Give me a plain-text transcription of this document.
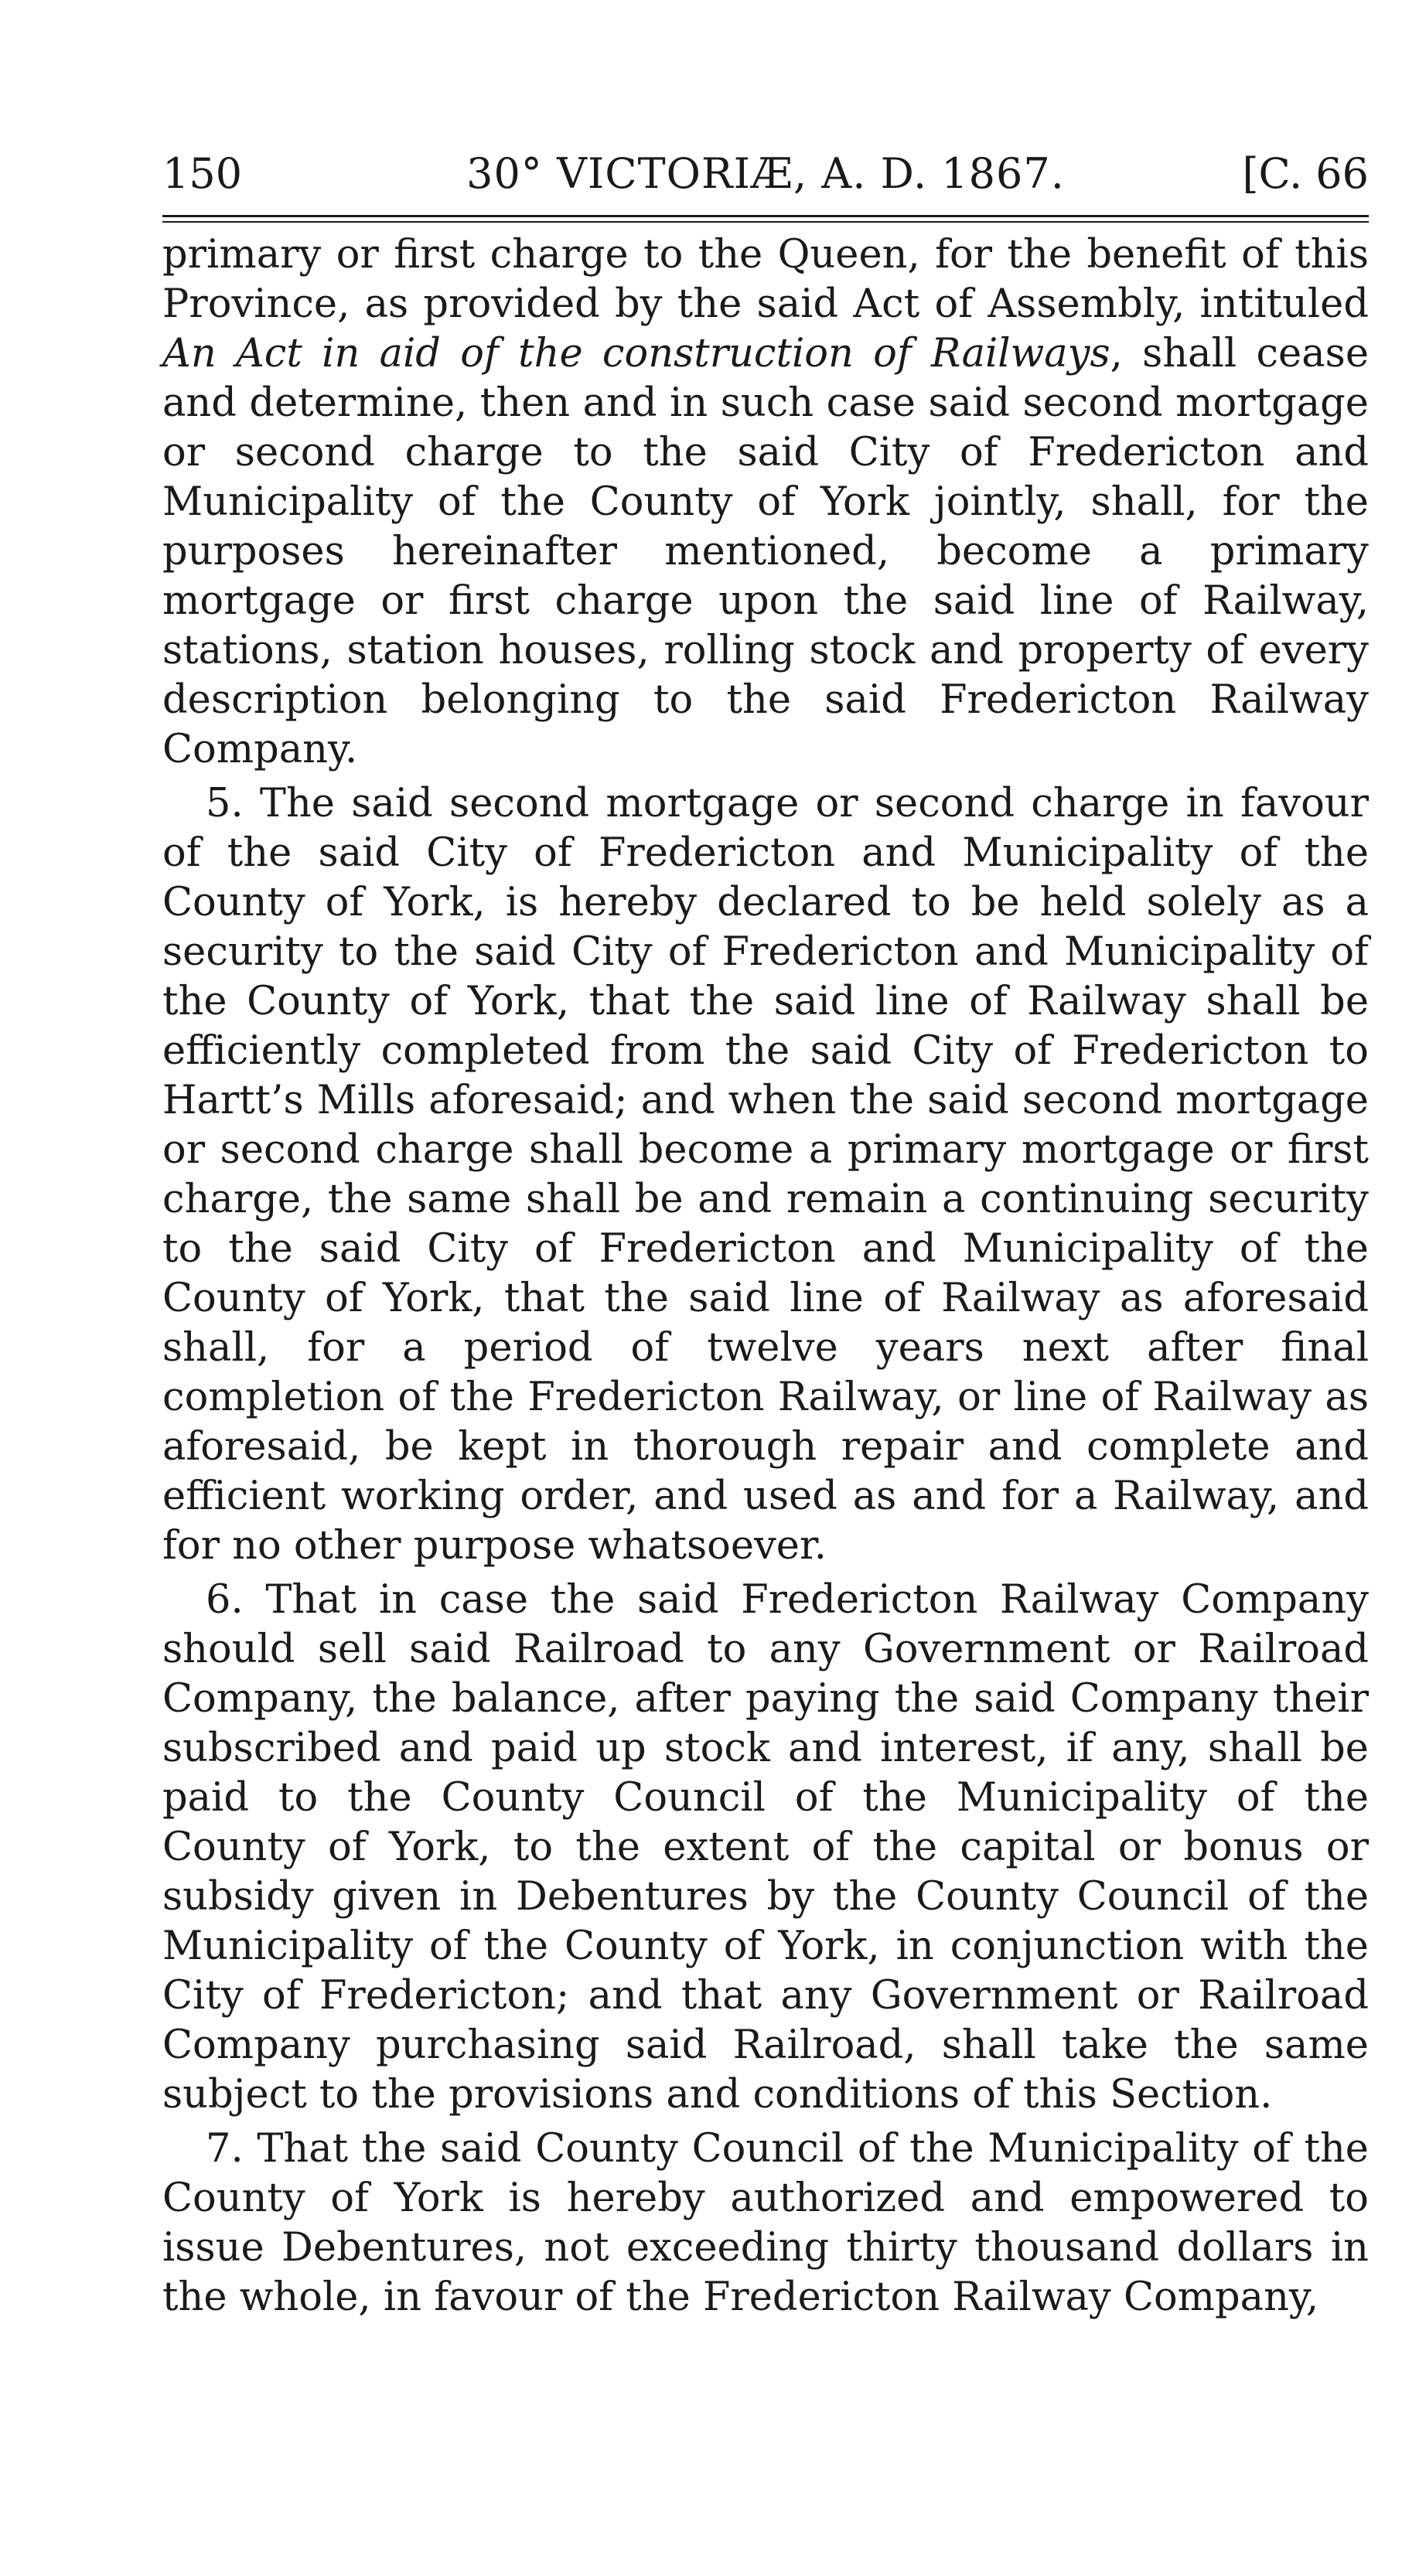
150	30° VICTORIÆ, A. D. 1867.	[C. 66

primary or first charge to the Queen, for the benefit of this Province, as provided by the said Act of Assembly, intituled An Act in aid of the construction of Railways, shall cease and determine, then and in such case said second mortgage or second charge to the said City of Fredericton and Municipality of the County of York jointly, shall, for the purposes hereinafter mentioned, become a primary mortgage or first charge upon the said line of Railway, stations, station houses, rolling stock and property of every description belonging to the said Fredericton Railway Company.

5. The said second mortgage or second charge in favour of the said City of Fredericton and Municipality of the County of York, is hereby declared to be held solely as a security to the said City of Fredericton and Municipality of the County of York, that the said line of Railway shall be efficiently completed from the said City of Fredericton to Hartt’s Mills aforesaid; and when the said second mortgage or second charge shall become a primary mortgage or first charge, the same shall be and remain a continuing security to the said City of Fredericton and Municipality of the County of York, that the said line of Railway as aforesaid shall, for a period of twelve years next after final completion of the Fredericton Railway, or line of Railway as aforesaid, be kept in thorough repair and complete and efficient working order, and used as and for a Railway, and for no other purpose whatsoever.

6. That in case the said Fredericton Railway Company should sell said Railroad to any Government or Railroad Company, the balance, after paying the said Company their subscribed and paid up stock and interest, if any, shall be paid to the County Council of the Municipality of the County of York, to the extent of the capital or bonus or subsidy given in Debentures by the County Council of the Municipality of the County of York, in conjunction with the City of Fredericton; and that any Government or Railroad Company purchasing said Railroad, shall take the same subject to the provisions and conditions of this Section.

7. That the said County Council of the Municipality of the County of York is hereby authorized and empowered to issue Debentures, not exceeding thirty thousand dollars in the whole, in favour of the Fredericton Railway Company,
